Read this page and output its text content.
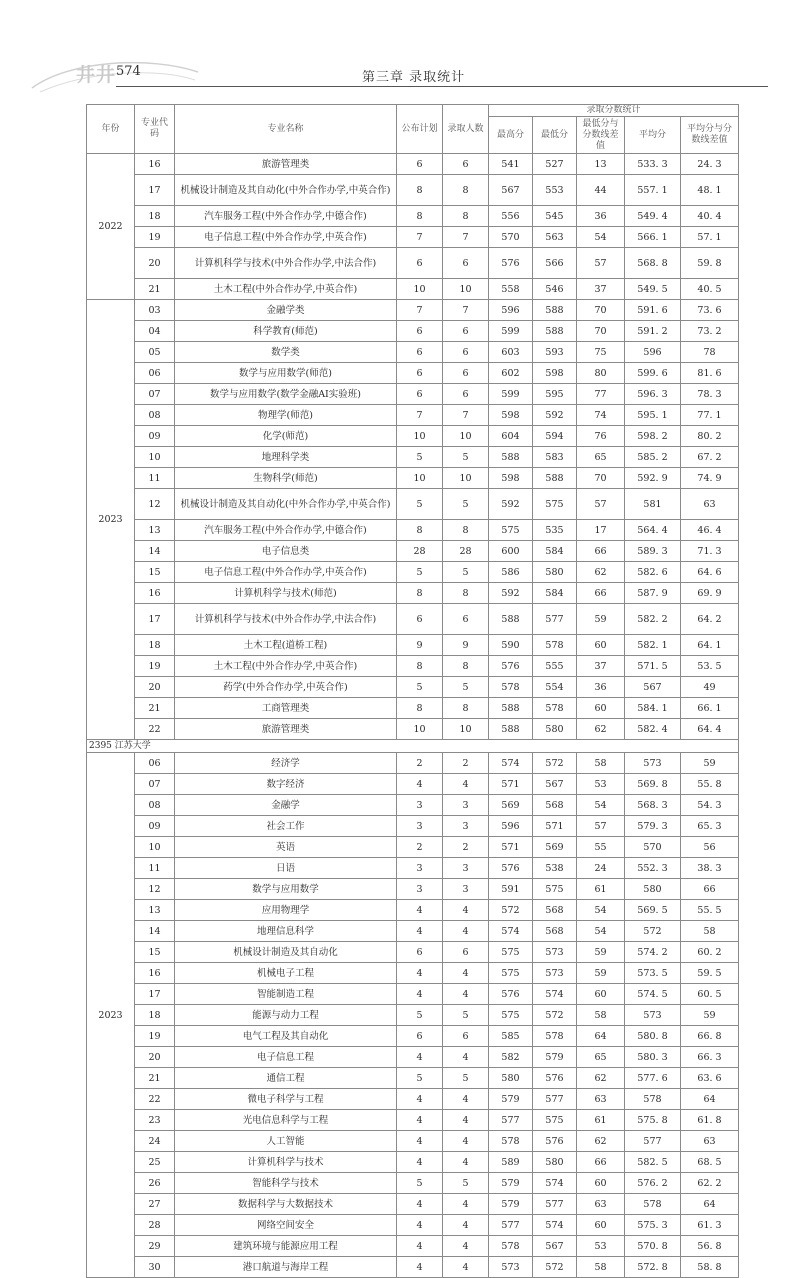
井井 574	第三章 录取统计
年份	专业代码	专业名称	公布计划	录取人数	录取分数统计				
					最高分	最低分	最低分与分数线差值	平均分	平均分与分数线差值
2022	16	旅游管理类	6	6	541	527	13	533. 3	24. 3
	17	机械设计制造及其自动化(中外合作办学,中英合作)	8	8	567	553	44	557. 1	48. 1
	18	汽车服务工程(中外合作办学,中德合作)	8	8	556	545	36	549. 4	40. 4
	19	电子信息工程(中外合作办学,中英合作)	7	7	570	563	54	566. 1	57. 1
	20	计算机科学与技术(中外合作办学,中法合作)	6	6	576	566	57	568. 8	59. 8
	21	土木工程(中外合作办学,中英合作)	10	10	558	546	37	549. 5	40. 5
2023	03	金融学类	7	7	596	588	70	591. 6	73. 6
	04	科学教育(师范)	6	6	599	588	70	591. 2	73. 2
	05	数学类	6	6	603	593	75	596	78
	06	数学与应用数学(师范)	6	6	602	598	80	599. 6	81. 6
	07	数学与应用数学(数学金融AI实验班)	6	6	599	595	77	596. 3	78. 3
	08	物理学(师范)	7	7	598	592	74	595. 1	77. 1
	09	化学(师范)	10	10	604	594	76	598. 2	80. 2
	10	地理科学类	5	5	588	583	65	585. 2	67. 2
	11	生物科学(师范)	10	10	598	588	70	592. 9	74. 9
	12	机械设计制造及其自动化(中外合作办学,中英合作)	5	5	592	575	57	581	63
	13	汽车服务工程(中外合作办学,中德合作)	8	8	575	535	17	564. 4	46. 4
	14	电子信息类	28	28	600	584	66	589. 3	71. 3
	15	电子信息工程(中外合作办学,中英合作)	5	5	586	580	62	582. 6	64. 6
	16	计算机科学与技术(师范)	8	8	592	584	66	587. 9	69. 9
	17	计算机科学与技术(中外合作办学,中法合作)	6	6	588	577	59	582. 2	64. 2
	18	土木工程(道桥工程)	9	9	590	578	60	582. 1	64. 1
	19	土木工程(中外合作办学,中英合作)	8	8	576	555	37	571. 5	53. 5
	20	药学(中外合作办学,中英合作)	5	5	578	554	36	567	49
	21	工商管理类	8	8	588	578	60	584. 1	66. 1
	22	旅游管理类	10	10	588	580	62	582. 4	64. 4
2395 江苏大学									
2023	06	经济学	2	2	574	572	58	573	59
	07	数字经济	4	4	571	567	53	569. 8	55. 8
	08	金融学	3	3	569	568	54	568. 3	54. 3
	09	社会工作	3	3	596	571	57	579. 3	65. 3
	10	英语	2	2	571	569	55	570	56
	11	日语	3	3	576	538	24	552. 3	38. 3
	12	数学与应用数学	3	3	591	575	61	580	66
	13	应用物理学	4	4	572	568	54	569. 5	55. 5
	14	地理信息科学	4	4	574	568	54	572	58
	15	机械设计制造及其自动化	6	6	575	573	59	574. 2	60. 2
	16	机械电子工程	4	4	575	573	59	573. 5	59. 5
	17	智能制造工程	4	4	576	574	60	574. 5	60. 5
	18	能源与动力工程	5	5	575	572	58	573	59
	19	电气工程及其自动化	6	6	585	578	64	580. 8	66. 8
	20	电子信息工程	4	4	582	579	65	580. 3	66. 3
	21	通信工程	5	5	580	576	62	577. 6	63. 6
	22	微电子科学与工程	4	4	579	577	63	578	64
	23	光电信息科学与工程	4	4	577	575	61	575. 8	61. 8
	24	人工智能	4	4	578	576	62	577	63
	25	计算机科学与技术	4	4	589	580	66	582. 5	68. 5
	26	智能科学与技术	5	5	579	574	60	576. 2	62. 2
	27	数据科学与大数据技术	4	4	579	577	63	578	64
	28	网络空间安全	4	4	577	574	60	575. 3	61. 3
	29	建筑环境与能源应用工程	4	4	578	567	53	570. 8	56. 8
	30	港口航道与海岸工程	4	4	573	572	58	572. 8	58. 8
